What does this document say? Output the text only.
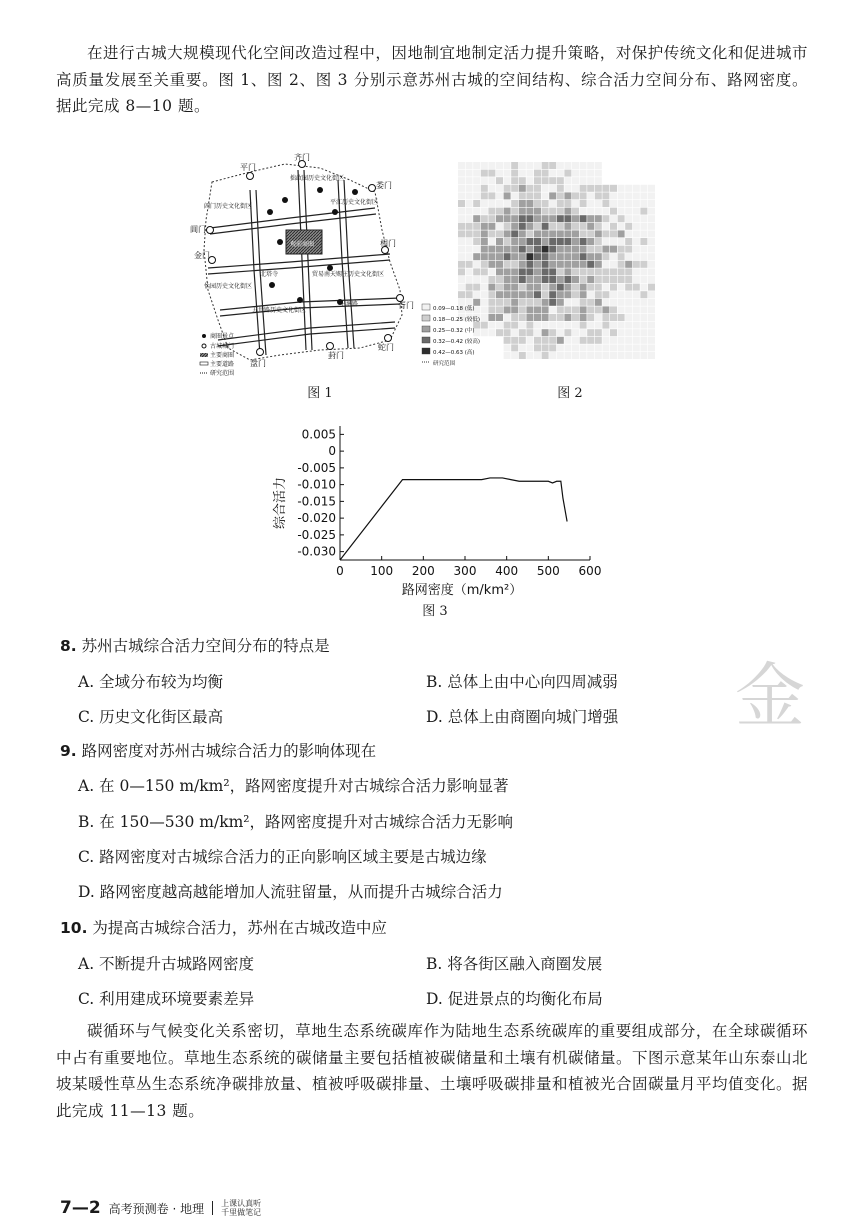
在进行古城大规模现代化空间改造过程中，因地制宜地制定活力提升策略，对保护传统文化和促进城市高质量发展至关重要。图 1、图 2、图 3 分别示意苏州古城的空间结构、综合活力空间分布、路网密度。据此完成 8—10 题。

平门
齐门
娄门
阊门
金门
相门
胥门
盘门
葑门
蛇门
拙政园历史文化街区
平江历史文化街区
阊门历史文化街区
怡园历史文化街区
五卅路历史文化街区
观前商圈
北塔寺	贸易南 天赐庄历史文化街区
上塘路
商圈景点
古城城门
主要商圈
主要道路
研究范围
图 1
0.09—0.18 (低)
0.18—0.25 (较低)
0.25—0.32 (中)
0.32—0.42 (较高)
0.42—0.63 (高)
研究范围
图 2
路网密度（m/km²）
综合活力
0 100 200 300 400 500 600
0.005
0
-0.005
-0.010
-0.015
-0.020
-0.025
-0.030
图 3
8. 苏州古城综合活力空间分布的特点是
A. 全域分布较为均衡	B. 总体上由中心向四周减弱
C. 历史文化街区最高	D. 总体上由商圈向城门增强
9. 路网密度对苏州古城综合活力的影响体现在
A. 在 0—150 m/km²，路网密度提升对古城综合活力影响显著
B. 在 150—530 m/km²，路网密度提升对古城综合活力无影响
C. 路网密度对古城综合活力的正向影响区域主要是古城边缘
D. 路网密度越高越能增加人流驻留量，从而提升古城综合活力
10. 为提高古城综合活力，苏州在古城改造中应
A. 不断提升古城路网密度	B. 将各街区融入商圈发展
C. 利用建成环境要素差异	D. 促进景点的均衡化布局

碳循环与气候变化关系密切，草地生态系统碳库作为陆地生态系统碳库的重要组成部分，在全球碳循环中占有重要地位。草地生态系统的碳储量主要包括植被碳储量和土壤有机碳储量。下图示意某年山东泰山北坡某暖性草丛生态系统净碳排放量、植被呼吸碳排量、土壤呼吸碳排量和植被光合固碳量月平均值变化。据此完成 11—13 题。

金
7—2 高考预测卷 · 地理 上课认真听 千里做笔记
